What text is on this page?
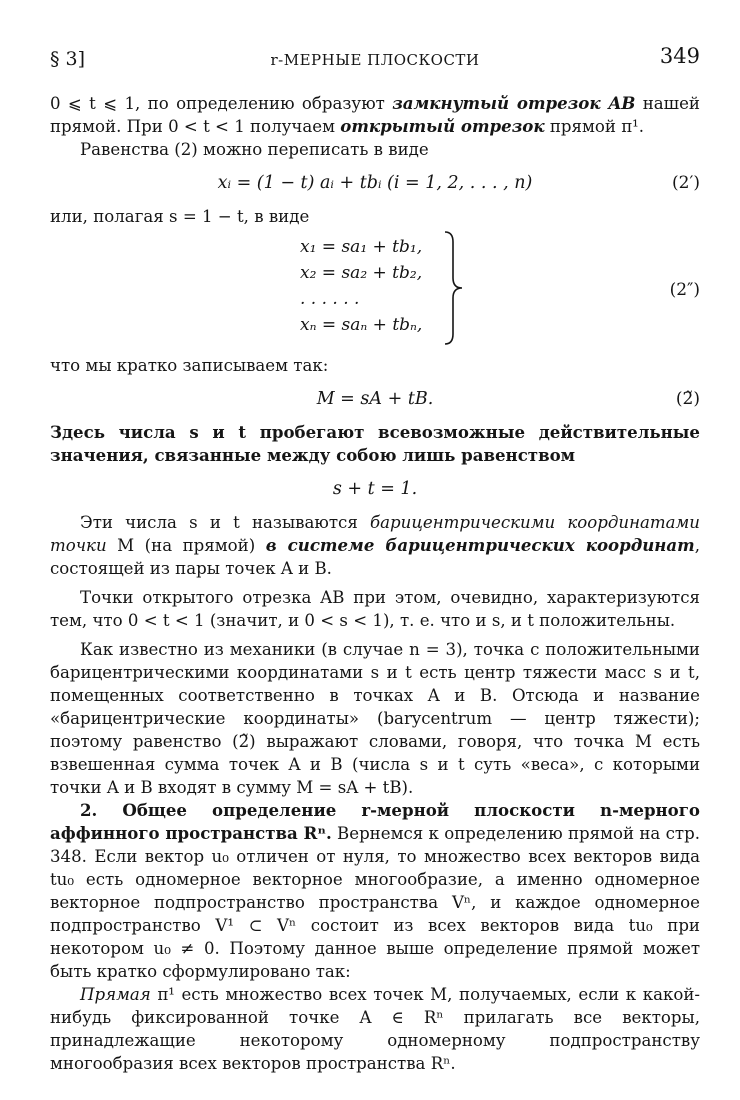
§ 3]	r-МЕРНЫЕ ПЛОСКОСТИ	349

0 ⩽ t ⩽ 1, по определению образуют замкнутый отрезок AB нашей прямой. При 0 < t < 1 получаем открытый отрезок прямой π¹.

Равенства (2) можно переписать в виде

xᵢ = (1 − t) aᵢ + tbᵢ (i = 1, 2, . . . , n)	(2′)

или, полагая s = 1 − t, в виде

x₁ = sa₁ + tb₁,
x₂ = sa₂ + tb₂,
. . . . . .
xₙ = saₙ + tbₙ,
(2″)

что мы кратко записываем так:

M = sA + tB.	(2̃)

Здесь числа s и t пробегают всевозможные действительные значения, связанные между собою лишь равенством

s + t = 1.

Эти числа s и t называются барицентрическими координатами точки M (на прямой) в системе барицентрических координат, состоящей из пары точек A и B.

Точки открытого отрезка AB при этом, очевидно, характеризуются тем, что 0 < t < 1 (значит, и 0 < s < 1), т. е. что и s, и t положительны.

Как известно из механики (в случае n = 3), точка с положительными барицентрическими координатами s и t есть центр тяжести масс s и t, помещенных соответственно в точках A и B. Отсюда и название «барицентрические координаты» (barycentrum — центр тяжести); поэтому равенство (2̃) выражают словами, говоря, что точка M есть взвешенная сумма точек A и B (числа s и t суть «веса», с которыми точки A и B входят в сумму M = sA + tB).

2. Общее определение r-мерной плоскости n-мерного аффинного пространства Rⁿ. Вернемся к определению прямой на стр. 348. Если вектор u₀ отличен от нуля, то множество всех векторов вида tu₀ есть одномерное векторное многообразие, а именно одномерное векторное подпространство пространства Vⁿ, и каждое одномерное подпространство V¹ ⊂ Vⁿ состоит из всех векторов вида tu₀ при некотором u₀ ≠ 0. Поэтому данное выше определение прямой может быть кратко сформулировано так:

Прямая π¹ есть множество всех точек M, получаемых, если к какой-нибудь фиксированной точке A ∈ Rⁿ прилагать все векторы, принадлежащие некоторому одномерному подпространству многообразия всех векторов пространства Rⁿ.
